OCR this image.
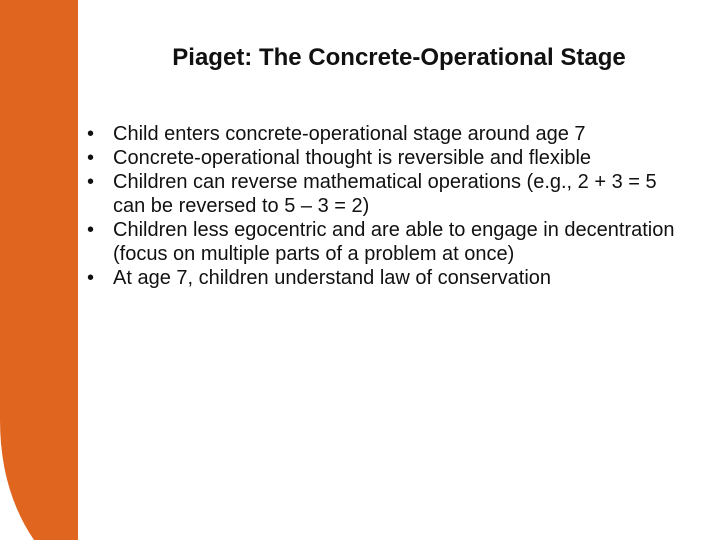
Piaget: The Concrete-Operational Stage
• Child enters concrete-operational stage around age 7
• Concrete-operational thought is reversible and flexible
• Children can reverse mathematical operations (e.g., 2 + 3 = 5 can be reversed to 5 – 3 = 2)
• Children less egocentric and are able to engage in decentration (focus on multiple parts of a problem at once)
• At age 7, children understand law of conservation
